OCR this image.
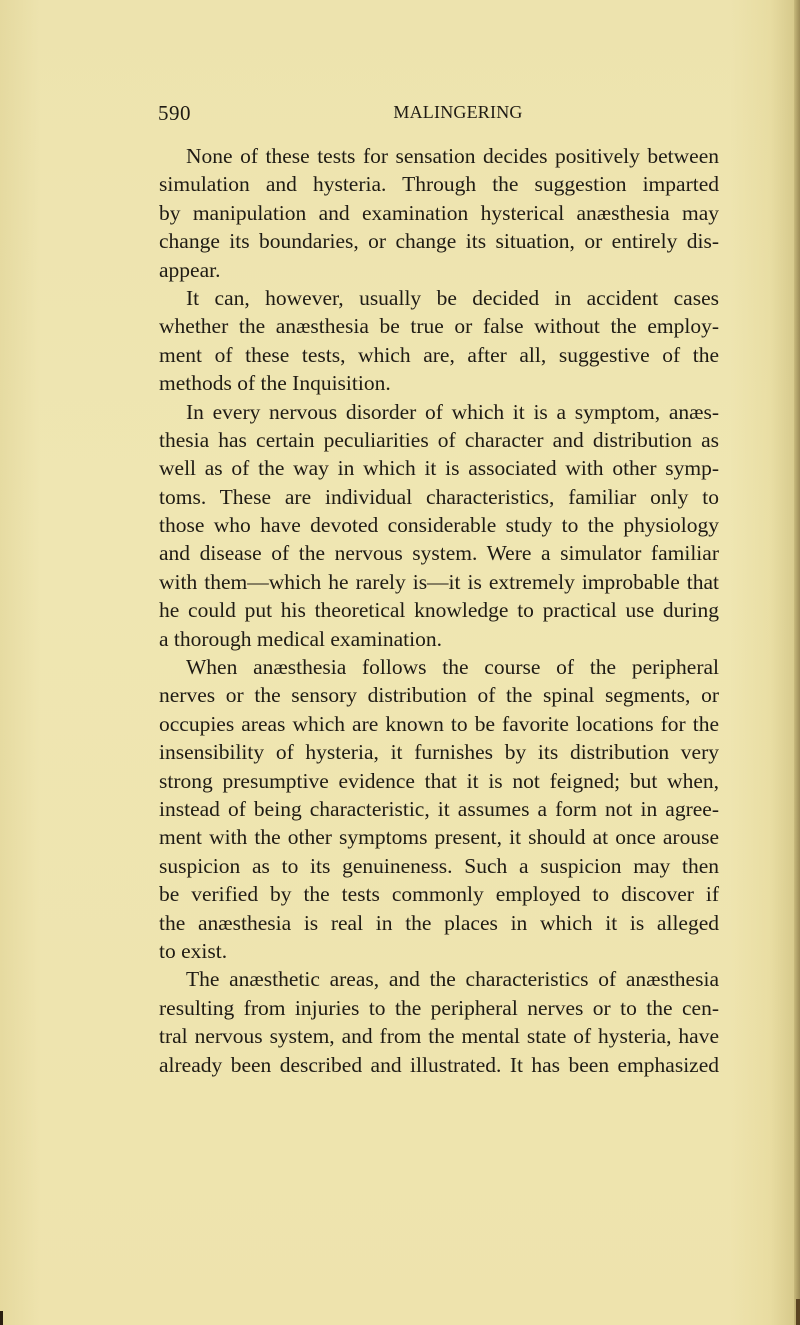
590	MALINGERING
None of these tests for sensation decides positively between
simulation and hysteria. Through the suggestion imparted
by manipulation and examination hysterical anæsthesia may
change its boundaries, or change its situation, or entirely dis-
appear.
It can, however, usually be decided in accident cases
whether the anæsthesia be true or false without the employ-
ment of these tests, which are, after all, suggestive of the
methods of the Inquisition.
In every nervous disorder of which it is a symptom, anæs-
thesia has certain peculiarities of character and distribution as
well as of the way in which it is associated with other symp-
toms. These are individual characteristics, familiar only to
those who have devoted considerable study to the physiology
and disease of the nervous system. Were a simulator familiar
with them—which he rarely is—it is extremely improbable that
he could put his theoretical knowledge to practical use during
a thorough medical examination.
When anæsthesia follows the course of the peripheral
nerves or the sensory distribution of the spinal segments, or
occupies areas which are known to be favorite locations for the
insensibility of hysteria, it furnishes by its distribution very
strong presumptive evidence that it is not feigned; but when,
instead of being characteristic, it assumes a form not in agree-
ment with the other symptoms present, it should at once arouse
suspicion as to its genuineness. Such a suspicion may then
be verified by the tests commonly employed to discover if
the anæsthesia is real in the places in which it is alleged
to exist.
The anæsthetic areas, and the characteristics of anæsthesia
resulting from injuries to the peripheral nerves or to the cen-
tral nervous system, and from the mental state of hysteria, have
already been described and illustrated. It has been emphasized
